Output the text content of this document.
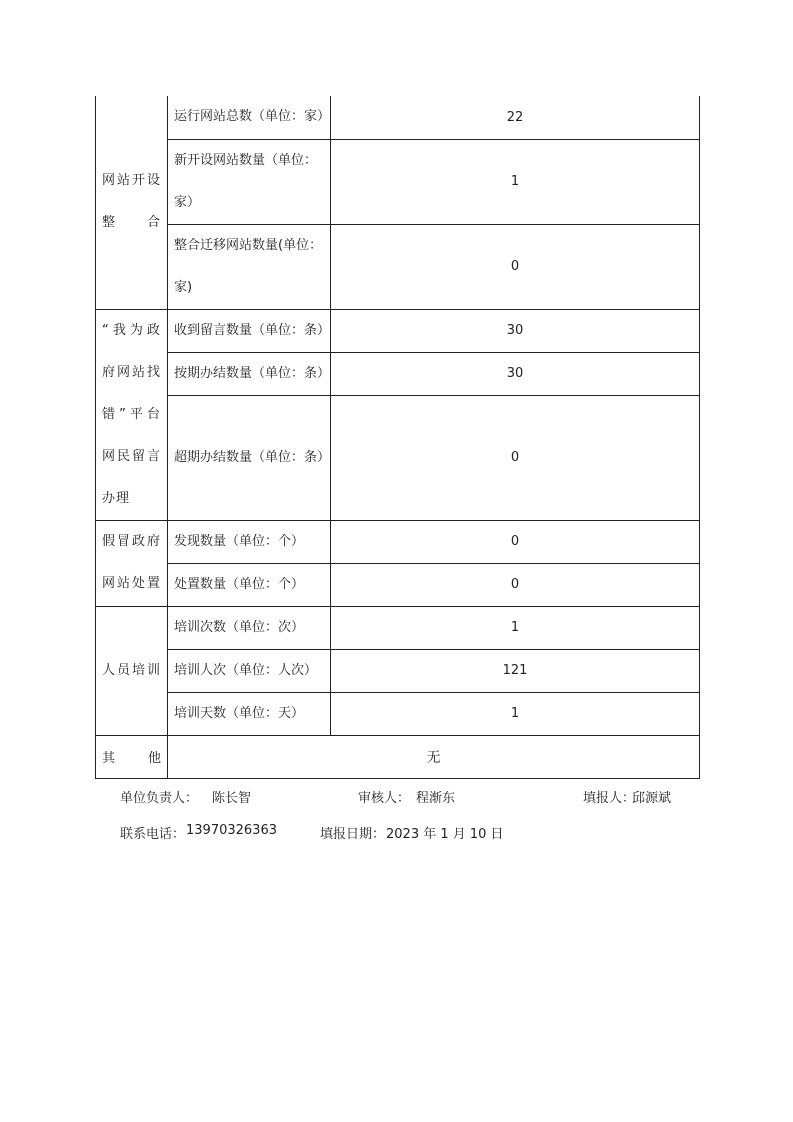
网站开设
整合	运行网站总数（单位：家）	22
	新开设网站数量（单位：家）	1
	整合迁移网站数量(单位：家)	0

“我为政
府网站找
错”平台
网民留言
办理	收到留言数量（单位：条）	30
	按期办结数量（单位：条）	30
	超期办结数量（单位：条）	0

假冒政府
网站处置	发现数量（单位：个）	0
	处置数量（单位：个）	0

人员培训	培训次数（单位：次）	1
	培训人次（单位：人次）	121
	培训天数（单位：天）	1
其他	无	
单位负责人： 陈长智	审核人： 程渐东	填报人：
邱源斌
联系电话： 13970326363	填报日期： 2023 年 1 月 10 日
